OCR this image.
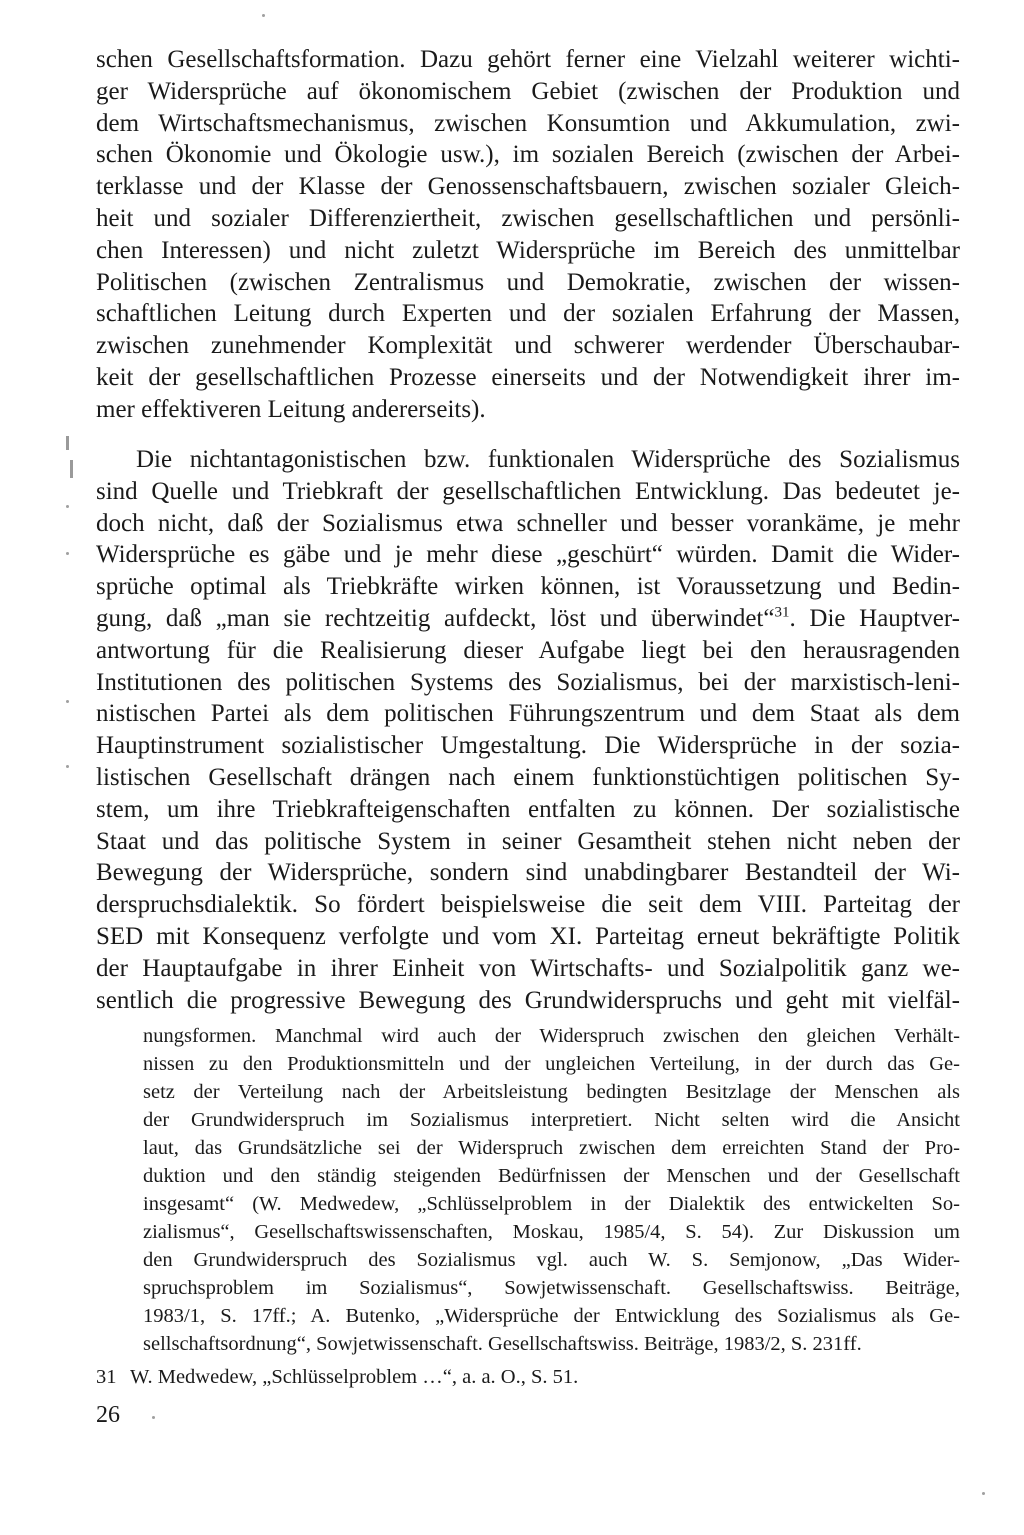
schen Gesellschaftsformation. Dazu gehört ferner eine Vielzahl weiterer wichti-
ger Widersprüche auf ökonomischem Gebiet (zwischen der Produktion und
dem Wirtschaftsmechanismus, zwischen Konsumtion und Akkumulation, zwi-
schen Ökonomie und Ökologie usw.), im sozialen Bereich (zwischen der Arbei-
terklasse und der Klasse der Genossenschaftsbauern, zwischen sozialer Gleich-
heit und sozialer Differenziertheit, zwischen gesellschaftlichen und persönli-
chen Interessen) und nicht zuletzt Widersprüche im Bereich des unmittelbar
Politischen (zwischen Zentralismus und Demokratie, zwischen der wissen-
schaftlichen Leitung durch Experten und der sozialen Erfahrung der Massen,
zwischen zunehmender Komplexität und schwerer werdender Überschaubar-
keit der gesellschaftlichen Prozesse einerseits und der Notwendigkeit ihrer im-
mer effektiveren Leitung andererseits).
Die nichtantagonistischen bzw. funktionalen Widersprüche des Sozialismus
sind Quelle und Triebkraft der gesellschaftlichen Entwicklung. Das bedeutet je-
doch nicht, daß der Sozialismus etwa schneller und besser vorankäme, je mehr
Widersprüche es gäbe und je mehr diese „geschürt“ würden. Damit die Wider-
sprüche optimal als Triebkräfte wirken können, ist Voraussetzung und Bedin-
gung, daß „man sie rechtzeitig aufdeckt, löst und überwindet“$^{31}$. Die Hauptver-
antwortung für die Realisierung dieser Aufgabe liegt bei den herausragenden
Institutionen des politischen Systems des Sozialismus, bei der marxistisch-leni-
nistischen Partei als dem politischen Führungszentrum und dem Staat als dem
Hauptinstrument sozialistischer Umgestaltung. Die Widersprüche in der sozia-
listischen Gesellschaft drängen nach einem funktionstüchtigen politischen Sy-
stem, um ihre Triebkrafteigenschaften entfalten zu können. Der sozialistische
Staat und das politische System in seiner Gesamtheit stehen nicht neben der
Bewegung der Widersprüche, sondern sind unabdingbarer Bestandteil der Wi-
derspruchsdialektik. So fördert beispielsweise die seit dem VIII. Parteitag der
SED mit Konsequenz verfolgte und vom XI. Parteitag erneut bekräftigte Politik
der Hauptaufgabe in ihrer Einheit von Wirtschafts- und Sozialpolitik ganz we-
sentlich die progressive Bewegung des Grundwiderspruchs und geht mit vielfäl-
nungsformen. Manchmal wird auch der Widerspruch zwischen den gleichen Verhält-
nissen zu den Produktionsmitteln und der ungleichen Verteilung, in der durch das Ge-
setz der Verteilung nach der Arbeitsleistung bedingten Besitzlage der Menschen als
der Grundwiderspruch im Sozialismus interpretiert. Nicht selten wird die Ansicht
laut, das Grundsätzliche sei der Widerspruch zwischen dem erreichten Stand der Pro-
duktion und den ständig steigenden Bedürfnissen der Menschen und der Gesellschaft
insgesamt“ (W. Medwedew, „Schlüsselproblem in der Dialektik des entwickelten So-
zialismus“, Gesellschaftswissenschaften, Moskau, 1985/4, S. 54). Zur Diskussion um
den Grundwiderspruch des Sozialismus vgl. auch W. S. Semjonow, „Das Wider-
spruchsproblem im Sozialismus“, Sowjetwissenschaft. Gesellschaftswiss. Beiträge,
1983/1, S. 17ff.; A. Butenko, „Widersprüche der Entwicklung des Sozialismus als Ge-
sellschaftsordnung“, Sowjetwissenschaft. Gesellschaftswiss. Beiträge, 1983/2, S. 231ff.
31 W. Medwedew, „Schlüsselproblem …“, a. a. O., S. 51.
26
